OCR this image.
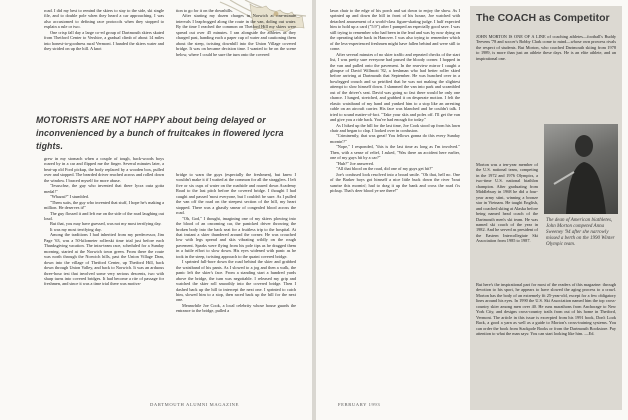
road. I did my best to remind the skiers to stay to the side, ski single file, and to double pole when they heard a car approaching. I was also accustomed to defining race protocols when they stopped to explain a rule or two.

One crisp fall day a large co-ed group of Dartmouth skiers skated from Thetford Center to Vershire, a gradual climb of about 14 miles into honest-to-goodness rural Vermont. I handed the skiers water and they strided on up the hill. A knot

MOTORISTS ARE NOT HAPPY about being delayed or inconvenienced by a bunch of fruitcakes in flowered lycra tights.

grew in my stomach when a couple of tough, back-woods boys roared by in a car and flipped me the finger. Several minutes later, a beat-up old Ford pickup, the body replaced by a wooden box, pulled over and stopped. The bearded driver reached across and rolled down the window. I braced myself for more abuse.

"Jesuschse, the guy who invented that there lycra outa gotta medal!"

"Whazat?" I stumbled.

"Them suits, the guy who invented that stuff, I hope he's making a million. He deserves it!"

The guy flossed it and left me on the side of the road laughing out loud.

But that, you may have guessed, was not my most terrifying day.

It was my most terrifying day.

Among the traditions I had inherited from my predecessor, Jim Page '63, was a 50-kilometer rollerski time trial just before each Thanksgiving vacation. The intra-team race, scheduled for a Sunday morning, started at the Norwich town green. From there the route was north through the Norwich hills, past the Union Village Dam, down into the village of Thetford Center, up Thetford Hill, back down through Union Valley, and back to Norwich. It was an arduous three-hour test that involved some very serious descents, two with sharp turns into covered bridges. It had become a rite of passage for freshmen, and since it was a time trial there was motiva-

tion to go for it on the downhills.

After starting my dozen charges in Norwich at one-minute intervals I leapfrogged along the route in the van, doling out water. By the time I reached the common on Thetford Hill my skiers were spread out over 45 minutes. I ran alongside the athletes as they charged past, handing each a paper cup of water and cautioning them about the steep, twisting downhill into the Union Village covered bridge. It was on became decision time. I wanted to be on the scene below, where I could be sure the turn onto the covered

bridge to warn the guys (especially the freshmen), but knew I wouldn't make it if I waited at the common for all the stragglers. I left five or six cups of water on the roadside and roared down Academy Road to the last pitch before the covered bridge. I thought I had caught and passed 'most everyone, but I couldn't be sure. As I pulled the van off the road on the steepest section of the hill, my heart stopped. There was a ghastly smear of congealed blood across the road.

"Oh, God," I thought, imagining one of my skiers plowing into the blood of an oncoming car, the panicked driver throwing the broken body into the back seat for a fruitless trip to the hospital. At that instant a skier thundered around the corner. He was crouched low with legs spread and skis vibrating wildly on the rough pavement. Sparks were flying from his pole tips as he dragged them in a futile effort to slow down. His eyes widened with panic as he took in the steep, twisting approach to the quaint covered bridge.

I sprinted full-bore down the road behind the skier and grabbed the waistband of his pants. As I slowed to a jog and then a walk, the panic left the skier's face. From a standing start a hundred yards above the bridge, the turn was negotiable. I released my grip and watched the skier roll smoothly into the covered bridge. Then I dashed back up the hill to intercept the next one. I sprinted to catch him, slowed him to a stop, then raced back up the hill for the next one.

Meanwhile Joe Cook, a local celebrity whose house guards the entrance to the bridge, pulled a

DARTMOUTH ALUMNI MAGAZINE

lawn chair to the edge of his porch and sat down to enjoy the show. As I sprinted up and down the hill in front of his house, Joe watched with detached amusement of a world-class figure-skating judge. I half expected him to hold up a card ("5.9") after I pumped an especially good save. I was still trying to remember who had been in the lead and was by now dying on the operating table back in Hanover. I was also trying to remember which of the less-experienced freshmen might have fallen behind and were still to come.

After several minutes of no skier traffic and repeated checks of the start list, I was pretty sure everyone had passed the bloody corner. I hopped in the van and pulled onto the pavement. In the rearview mirror I caught a glimpse of David Willmott '82, a freshman who had better roller skied before arriving at Dartmouth that September. He was hunched over in a bowlegged crouch and so petrified that he was not making the slightest attempt to slow himself down. I slammed the van into park and scrambled out of the driver's seat. David was going so fast there would be only one chance. I lunged, stretched, and grabbed it on desperate motion. I felt the elastic waistband of my hand and yanked him to a stop like an arresting cable on an aircraft carrier. His face was blanched and he couldn't talk. I tried to sound matter-of-fact. "Take your skis and poles off. I'll get the van and give you a ride back. You've had enough for today."

As I hiked up the hill for the last time, Joe Cook stood up from his lawn chair and began to clap. I looked over in confusion.

"Criminently, that was great! You fellows gonna do this every Sunday mornin'?"

"Nope," I responded, "this is the last time as long as I'm involved." Then, with a sense of relief, I asked, "Was there an accident here earlier, one of my guys hit by a car?"

"Huh?" Joe answered.

"All that blood on the road, did one of my guys get hit?"

Joe's confused look resolved into a broad smile. "Oh that, hell no. One of the Barker boys got himself a nice little buck down the river 'bout sunrise this mornin'; had to drag it up the bank and cross the road t'is pickup. That's deer blood ye see there!"

The COACH as Competitor

JOHN MORTON IS ONE OF A LINE of coaching athletes—football's Buddy Teevens '78 and soccer's Bobby Clark come to mind—whose own prowess rivals the respect of students. But Morton, who coached Dartmouth skiing from 1978 to 1989, is more than just an athlete these days. He is an elite athlete, and an inspirational one.

Morton was a ten-year member of the U.S. national team, competing in the 1972 and 1976 Olympics, a two-time U.S. national biathlon champion. After graduating from Middlebury in 1968 he did a four-year army stint, winning a bronze star in Vietnam. He taught English, and coached skiing at Alaska before being named head coach of the Dartmouth men's ski team. He was named ski coach of the year in 1982. And he served as president of the Eastern Intercollegiate Ski Association from 1985 to 1987.

The dean of American biathletes, John Morton competed Anna Sweeney '94 after she narrowly missed a berth on the 1990 Winter Olympic team.

But here's the inspirational part for most of the readers of this magazine: through devotion to his sport, he appears to have slowed the aging process to a crawl. Morton has the body of an extremely fit 25-year-old, except for a few obligatory lines around his eyes. In 1990 the U.S. Ski Association named him the top cross-country skier among men over 40. He runs marathons from Anchorage to New York City, and designs cross-country trails from out of his home in Thetford, Vermont. The article in this issue is excerpted from his 1991 book, Don't Look Back, a good a yarn as well as a guide to Morton's cross-training systems. You can order the book from Stackpole Books or from the Dartmouth Bookstore. Pay attention to what the man says: You can start looking like him. —Ed.

FEBRUARY 1993
